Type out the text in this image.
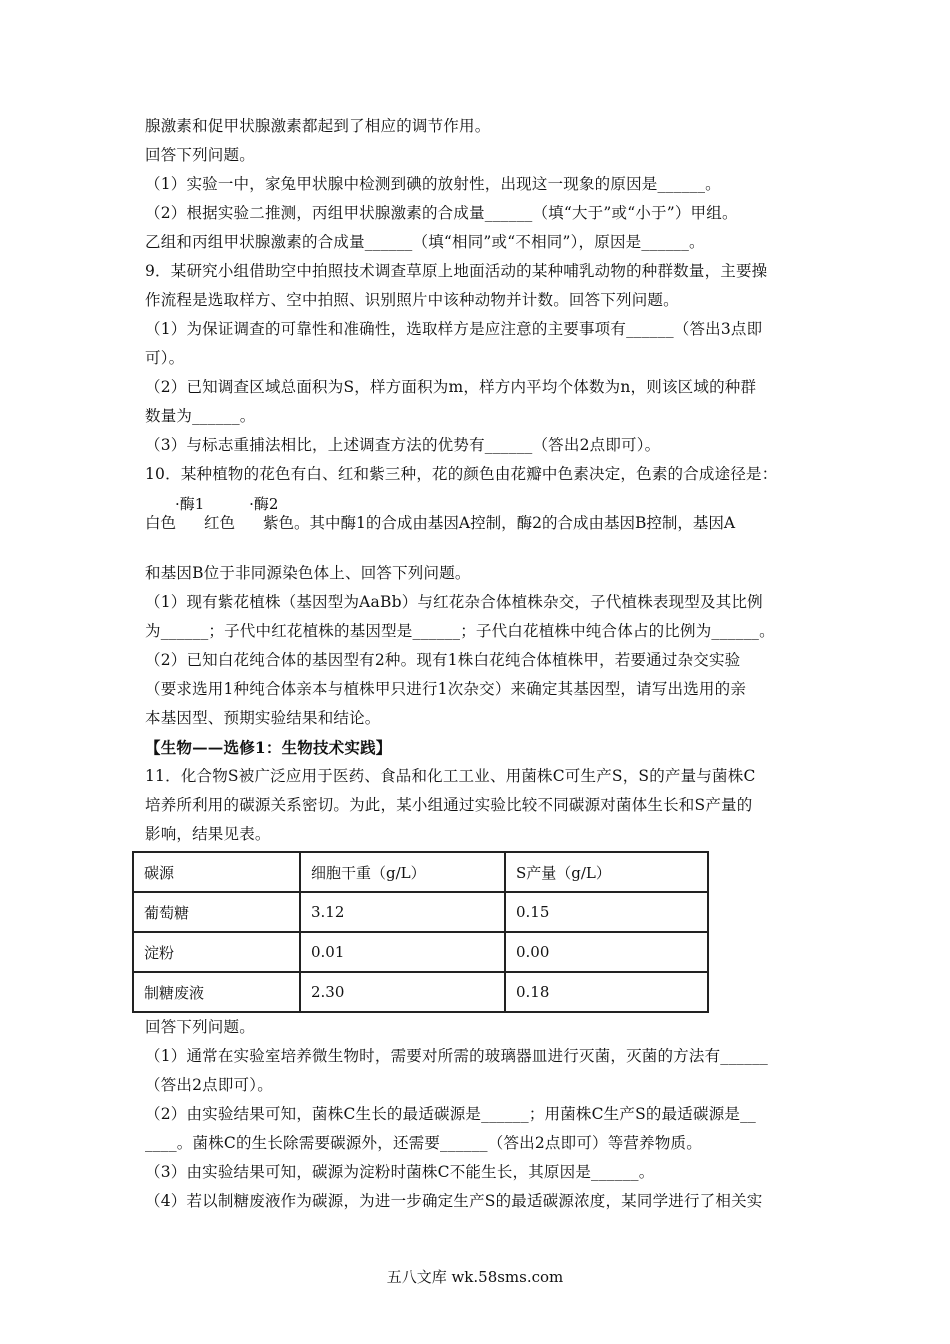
腺激素和促甲状腺激素都起到了相应的调节作用。
回答下列问题。
（1）实验一中，家兔甲状腺中检测到碘的放射性，出现这一现象的原因是______。
（2）根据实验二推测，丙组甲状腺激素的合成量______（填“大于”或“小于”）甲组。
乙组和丙组甲状腺激素的合成量______（填“相同”或“不相同”），原因是______。
9．某研究小组借助空中拍照技术调查草原上地面活动的某种哺乳动物的种群数量，主要操
作流程是选取样方、空中拍照、识别照片中该种动物并计数。回答下列问题。
（1）为保证调查的可靠性和准确性，选取样方是应注意的主要事项有______（答出3点即
可）。
（2）已知调查区域总面积为S，样方面积为m，样方内平均个体数为n，则该区域的种群
数量为______。
（3）与标志重捕法相比，上述调查方法的优势有______（答出2点即可）。
10．某种植物的花色有白、红和紫三种，花的颜色由花瓣中色素决定，色素的合成途径是：
·酶1	·酶2
白色 红色 紫色。其中酶1的合成由基因A控制，酶2的合成由基因B控制，基因A
和基因B位于非同源染色体上、回答下列问题。
（1）现有紫花植株（基因型为AaBb）与红花杂合体植株杂交，子代植株表现型及其比例
为______；子代中红花植株的基因型是______；子代白花植株中纯合体占的比例为______。
（2）已知白花纯合体的基因型有2种。现有1株白花纯合体植株甲，若要通过杂交实验
（要求选用1种纯合体亲本与植株甲只进行1次杂交）来确定其基因型，请写出选用的亲
本基因型、预期实验结果和结论。
【生物——选修1：生物技术实践】
11．化合物S被广泛应用于医药、食品和化工工业、用菌株C可生产S，S的产量与菌株C
培养所利用的碳源关系密切。为此，某小组通过实验比较不同碳源对菌体生长和S产量的
影响，结果见表。
碳源	细胞干重（g/L）	S产量（g/L）
葡萄糖	3.12	0.15
淀粉	0.01	0.00
制糖废液	2.30	0.18
回答下列问题。
（1）通常在实验室培养微生物时，需要对所需的玻璃器皿进行灭菌，灭菌的方法有______
（答出2点即可）。
（2）由实验结果可知，菌株C生长的最适碳源是______；用菌株C生产S的最适碳源是__
____。菌株C的生长除需要碳源外，还需要______（答出2点即可）等营养物质。
（3）由实验结果可知，碳源为淀粉时菌株C不能生长，其原因是______。
（4）若以制糖废液作为碳源，为进一步确定生产S的最适碳源浓度，某同学进行了相关实
五八文库 wk.58sms.com
